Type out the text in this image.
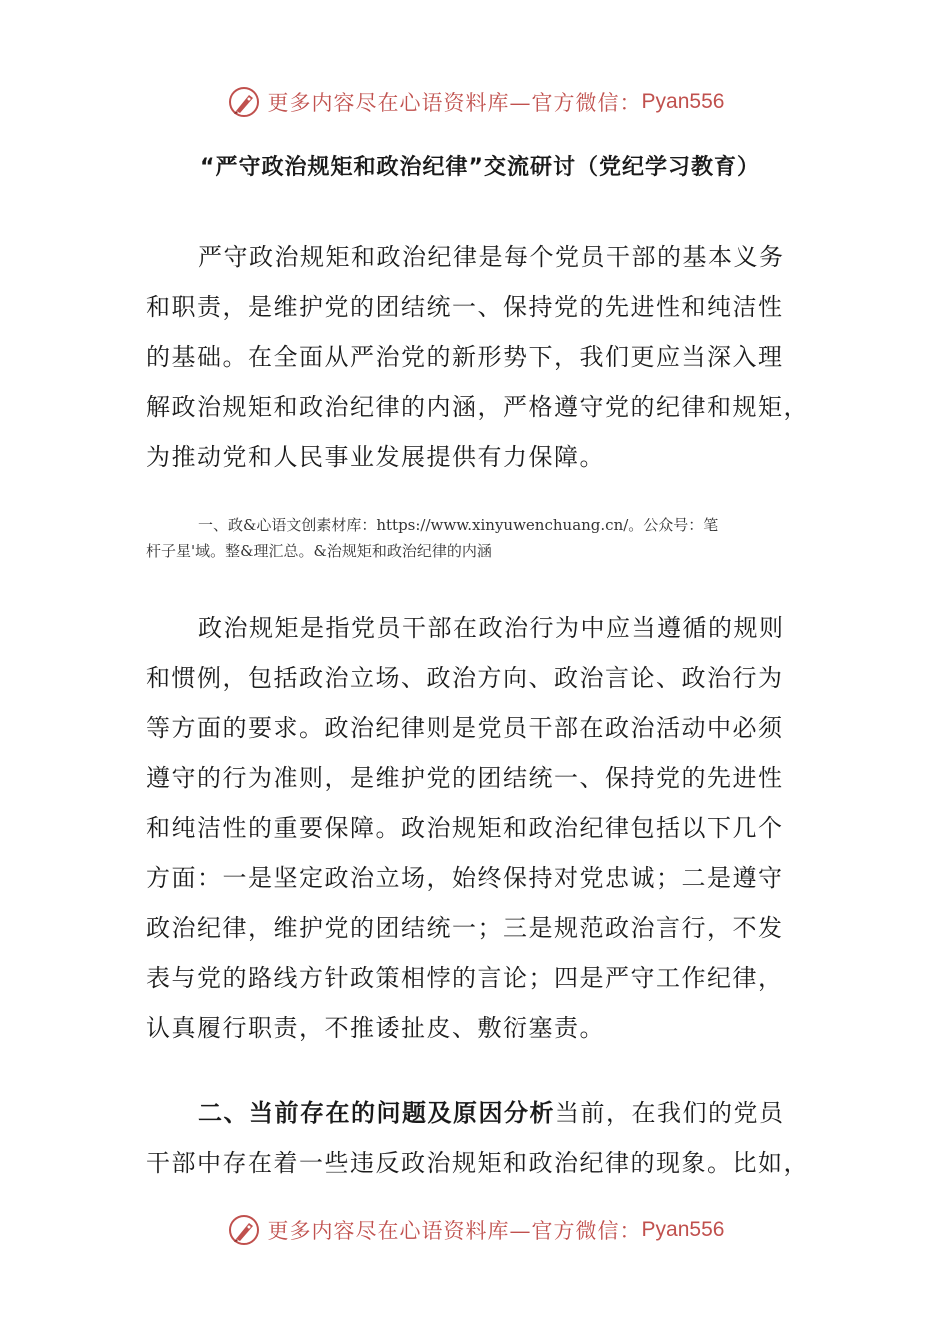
更多内容尽在心语资料库—官方微信： Pyan556
“严守政治规矩和政治纪律”交流研讨（党纪学习教育）
严守政治规矩和政治纪律是每个党员干部的基本义务
和职责，是维护党的团结统一、保持党的先进性和纯洁性
的基础。在全面从严治党的新形势下，我们更应当深入理
解政治规矩和政治纪律的内涵，严格遵守党的纪律和规矩，
为推动党和人民事业发展提供有力保障。
一、政&心语文创素材库：https://www.xinyuwenchuang.cn/。公众号：笔
杆子星'域。整&理汇总。&治规矩和政治纪律的内涵
政治规矩是指党员干部在政治行为中应当遵循的规则
和惯例，包括政治立场、政治方向、政治言论、政治行为
等方面的要求。政治纪律则是党员干部在政治活动中必须
遵守的行为准则，是维护党的团结统一、保持党的先进性
和纯洁性的重要保障。政治规矩和政治纪律包括以下几个
方面：一是坚定政治立场，始终保持对党忠诚；二是遵守
政治纪律，维护党的团结统一；三是规范政治言行，不发
表与党的路线方针政策相悖的言论；四是严守工作纪律，
认真履行职责，不推诿扯皮、敷衍塞责。
二、当前存在的问题及原因分析当前，在我们的党员
干部中存在着一些违反政治规矩和政治纪律的现象。比如，
更多内容尽在心语资料库—官方微信： Pyan556
